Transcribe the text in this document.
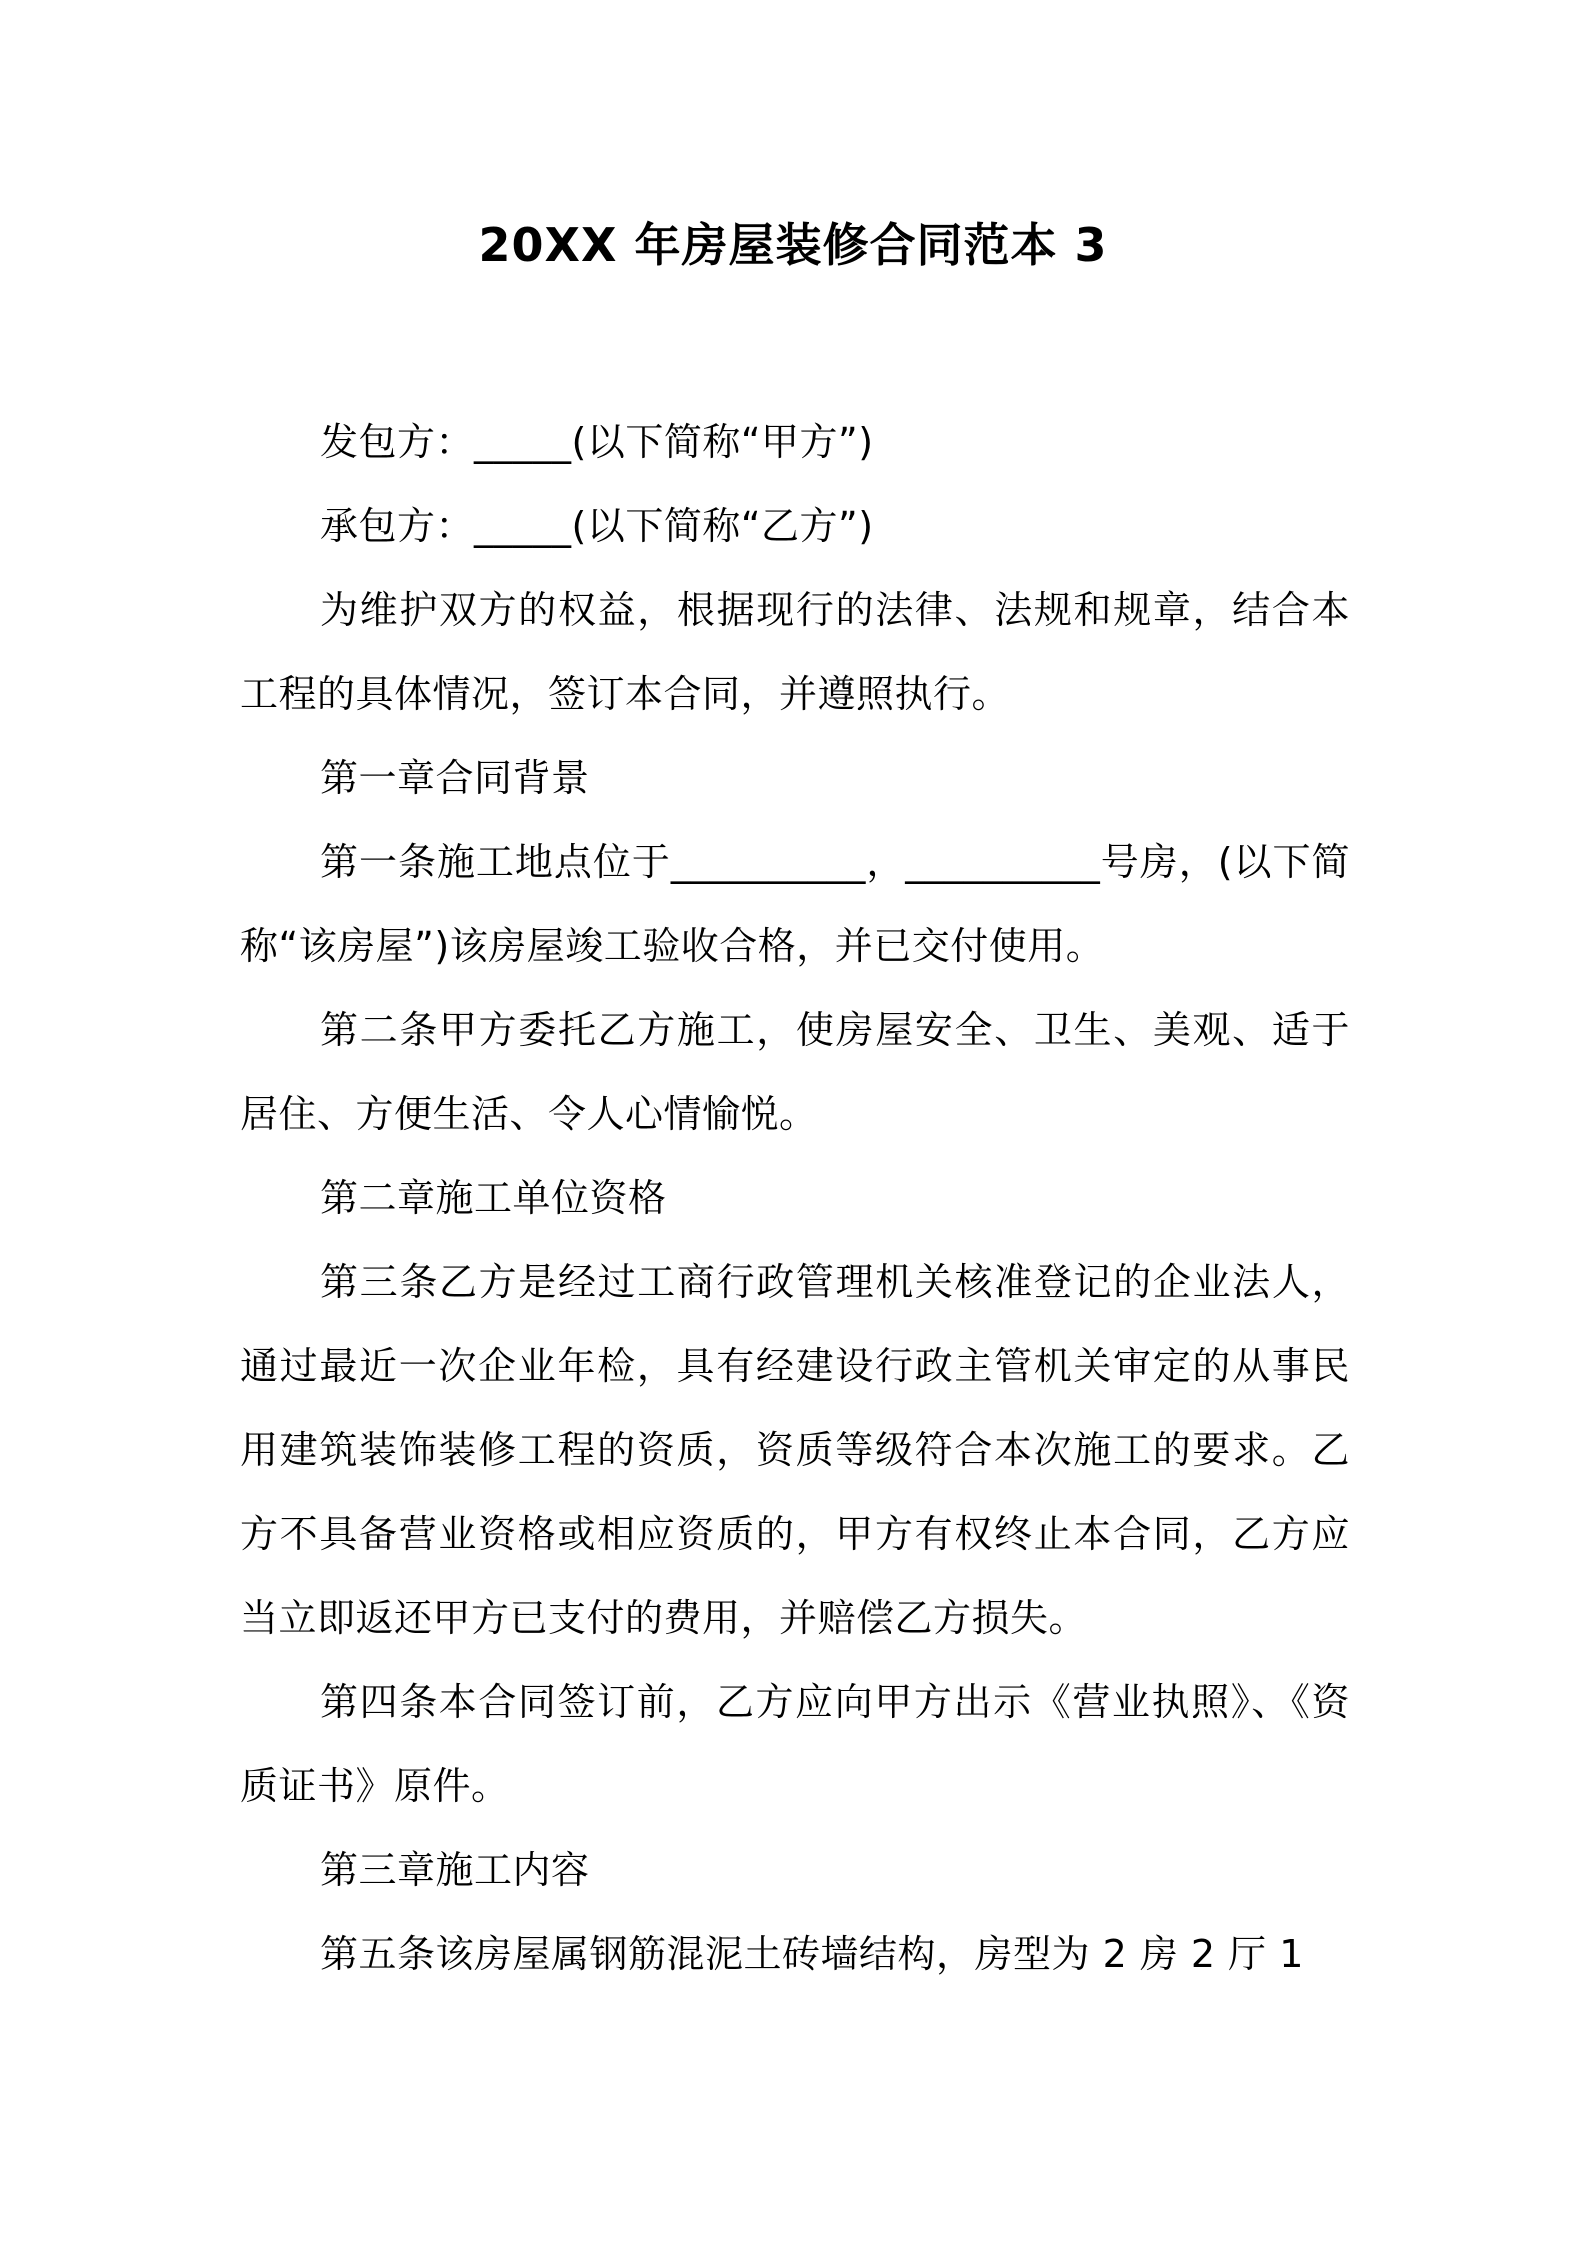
20XX 年房屋装修合同范本 3

发包方：_____(以下简称“甲方”)

承包方：_____(以下简称“乙方”)

为维护双方的权益，根据现行的法律、法规和规章，结合本工程的具体情况，签订本合同，并遵照执行。

第一章合同背景

第一条施工地点位于__________，__________号房，(以下简称“该房屋”)该房屋竣工验收合格，并已交付使用。

第二条甲方委托乙方施工，使房屋安全、卫生、美观、适于居住、方便生活、令人心情愉悦。

第二章施工单位资格

第三条乙方是经过工商行政管理机关核准登记的企业法人，通过最近一次企业年检，具有经建设行政主管机关审定的从事民用建筑装饰装修工程的资质，资质等级符合本次施工的要求。乙方不具备营业资格或相应资质的，甲方有权终止本合同，乙方应当立即返还甲方已支付的费用，并赔偿乙方损失。

第四条本合同签订前，乙方应向甲方出示《营业执照》、《资质证书》原件。

第三章施工内容

第五条该房屋属钢筋混泥土砖墙结构，房型为 2 房 2 厅 1
